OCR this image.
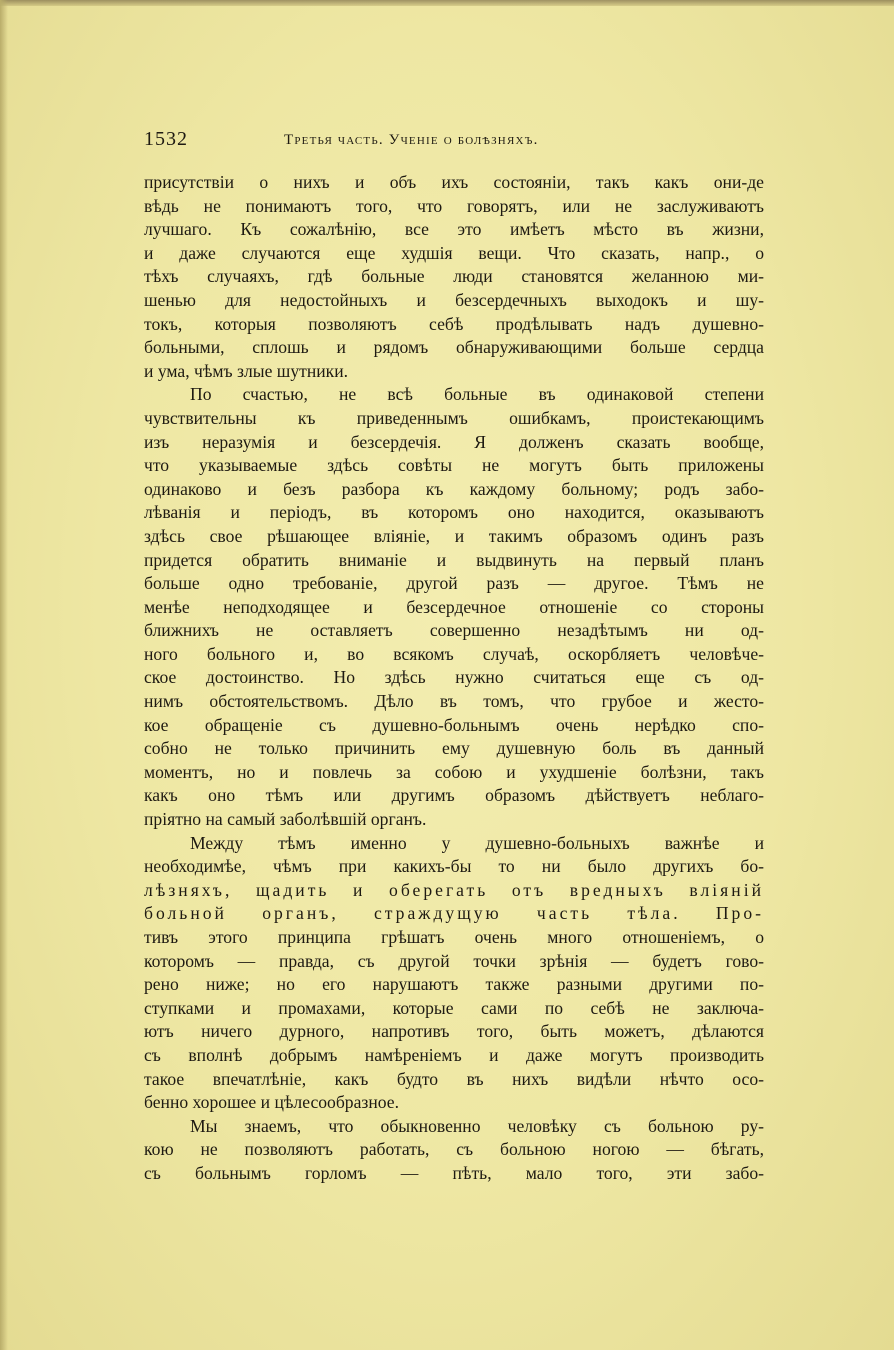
1532	Третья часть. Ученіе о болѣзняхъ.
присутствіи о нихъ и объ ихъ состояніи, такъ какъ они-де
вѣдь не понимаютъ того, что говорятъ, или не заслуживаютъ
лучшаго. Къ сожалѣнію, все это имѣетъ мѣсто въ жизни,
и даже случаются еще худшія вещи. Что сказать, напр., о
тѣхъ случаяхъ, гдѣ больные люди становятся желанною ми-
шенью для недостойныхъ и безсердечныхъ выходокъ и шу-
токъ, которыя позволяютъ себѣ продѣлывать надъ душевно-
больными, сплошь и рядомъ обнаруживающими больше сердца
и ума, чѣмъ злые шутники.
По счастью, не всѣ больные въ одинаковой степени
чувствительны къ приведеннымъ ошибкамъ, проистекающимъ
изъ неразумія и безсердечія. Я долженъ сказать вообще,
что указываемые здѣсь совѣты не могутъ быть приложены
одинаково и безъ разбора къ каждому больному; родъ забо-
лѣванія и періодъ, въ которомъ оно находится, оказываютъ
здѣсь свое рѣшающее вліяніе, и такимъ образомъ одинъ разъ
придется обратить вниманіе и выдвинуть на первый планъ
больше одно требованіе, другой разъ — другое. Тѣмъ не
менѣе неподходящее и безсердечное отношеніе со стороны
ближнихъ не оставляетъ совершенно незадѣтымъ ни од-
ного больного и, во всякомъ случаѣ, оскорбляетъ человѣче-
ское достоинство. Но здѣсь нужно считаться еще съ од-
нимъ обстоятельствомъ. Дѣло въ томъ, что грубое и жесто-
кое обращеніе съ душевно-больнымъ очень нерѣдко спо-
собно не только причинить ему душевную боль въ данный
моментъ, но и повлечь за собою и ухудшеніе болѣзни, такъ
какъ оно тѣмъ или другимъ образомъ дѣйствуетъ неблаго-
пріятно на самый заболѣвшій органъ.
Между тѣмъ именно у душевно-больныхъ важнѣе и
необходимѣе, чѣмъ при какихъ-бы то ни было другихъ бо-
лѣзняхъ, щадить и оберегать отъ вредныхъ вліяній
больной органъ, страждущую часть тѣла. Про-
тивъ этого принципа грѣшатъ очень много отношеніемъ, о
которомъ — правда, съ другой точки зрѣнія — будетъ гово-
рено ниже; но его нарушаютъ также разными другими по-
ступками и промахами, которые сами по себѣ не заключа-
ютъ ничего дурного, напротивъ того, быть можетъ, дѣлаются
съ вполнѣ добрымъ намѣреніемъ и даже могутъ производить
такое впечатлѣніе, какъ будто въ нихъ видѣли нѣчто осо-
бенно хорошее и цѣлесообразное.
Мы знаемъ, что обыкновенно человѣку съ больною ру-
кою не позволяютъ работать, съ больною ногою — бѣгать,
съ больнымъ горломъ — пѣть, мало того, эти забо-
